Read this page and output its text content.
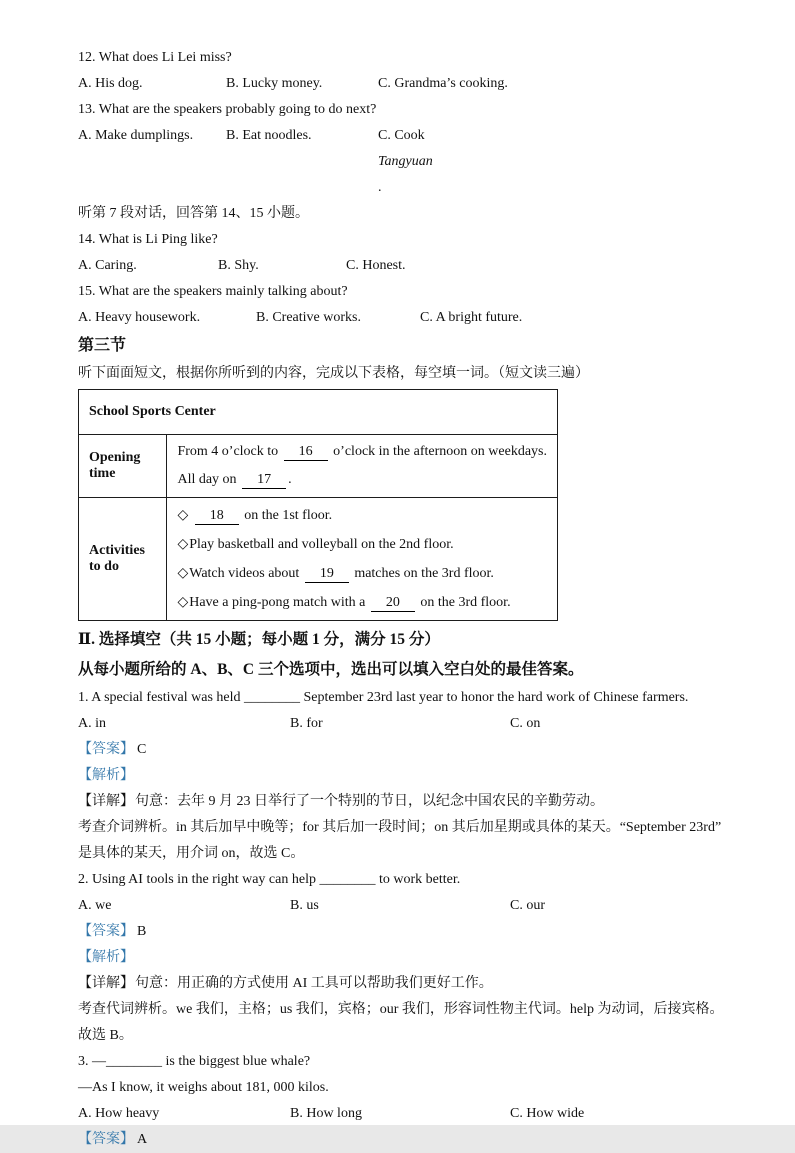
12. What does Li Lei miss?
A. His dog.	B. Lucky money.	C. Grandma’s cooking.
13. What are the speakers probably going to do next?
A. Make dumplings.	B. Eat noodles.	C. Cook
Tangyuan
.
听第 7 段对话，回答第 14、15 小题。
14. What is Li Ping like?
A. Caring.	B. Shy.	C. Honest.
15. What are the speakers mainly talking about?
A. Heavy housework.	B. Creative works.	C. A bright future.
第三节
听下面面短文，根据你所听到的内容，完成以下表格，每空填一词。（短文读三遍）
School Sports Center	
Opening time	From 4 o’clock to 16 o’clock in the afternoon on weekdays.
All day on 17 .

Activities to do	◇ 18 on the 1st floor.
◇Play basketball and volleyball on the 2nd floor.
◇Watch videos about 19 matches on the 3rd floor.
◇Have a ping-pong match with a 20 on the 3rd floor.
Ⅱ. 选择填空（共 15 小题；每小题 1 分，满分 15 分）
从每小题所给的 A、B、C 三个选项中，选出可以填入空白处的最佳答案。
1. A special festival was held ________ September 23rd last year to honor the hard work of Chinese farmers.
A. in	B. for	C. on
【答案】 C
【解析】
【详解】句意：去年 9 月 23 日举行了一个特别的节日，以纪念中国农民的辛勤劳动。
考查介词辨析。in 其后加早中晚等；for 其后加一段时间；on 其后加星期或具体的某天。“September 23rd”
是具体的某天，用介词 on，故选 C。
2. Using AI tools in the right way can help ________ to work better.
A. we	B. us	C. our
【答案】 B
【解析】
【详解】句意：用正确的方式使用 AI 工具可以帮助我们更好工作。
考查代词辨析。we 我们，主格；us 我们，宾格；our 我们，形容词性物主代词。help 为动词，后接宾格。
故选 B。
3. —________ is the biggest blue whale?
—As I know, it weighs about 181, 000 kilos.
A. How heavy	B. How long	C. How wide
【答案】 A
